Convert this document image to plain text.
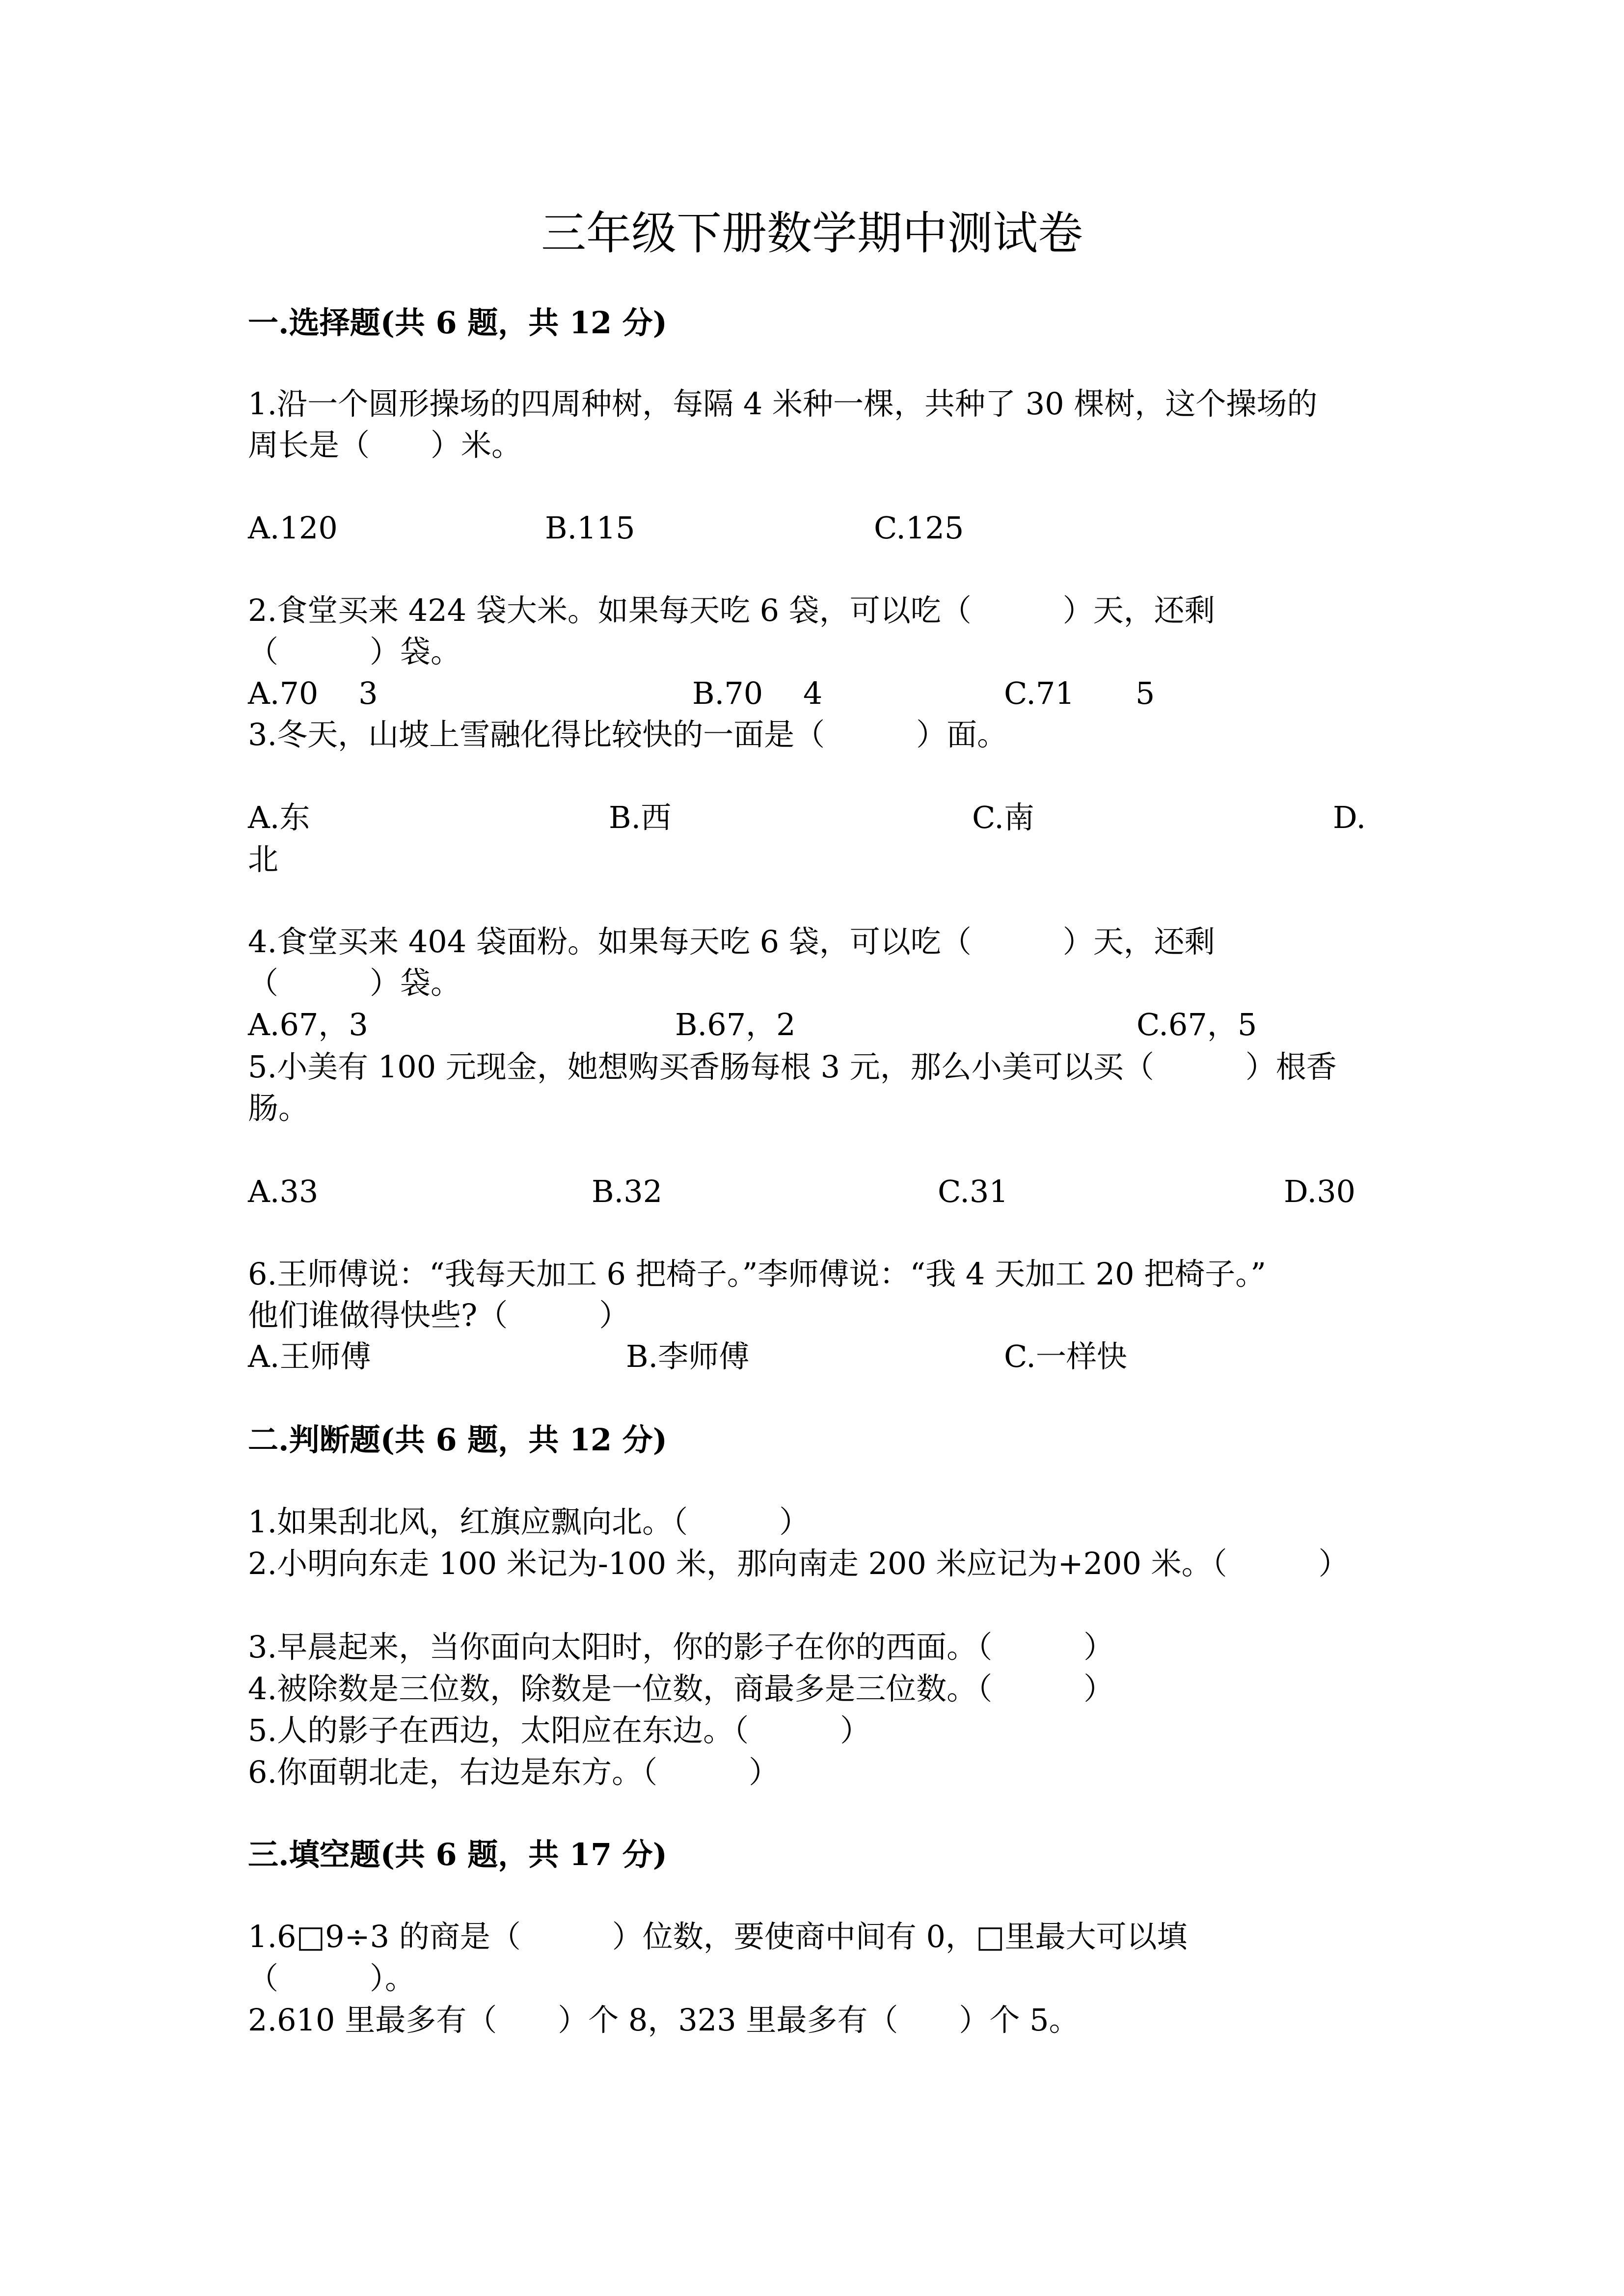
三年级下册数学期中测试卷
一.选择题(共 6 题，共 12 分)
1.沿一个圆形操场的四周种树，每隔 4 米种一棵，共种了 30 棵树，这个操场的
周长是（　　）米。
A.120	B.115	C.125
2.食堂买来 424 袋大米。如果每天吃 6 袋，可以吃（　　　）天，还剩
（　　　）袋。
A.70　 3	B.70　 4	C.71　　5
3.冬天，山坡上雪融化得比较快的一面是（　　　）面。
A.东	B.西	C.南	D.
北
4.食堂买来 404 袋面粉。如果每天吃 6 袋，可以吃（　　　）天，还剩
（　　　）袋。
A.67，3	B.67，2	C.67，5
5.小美有 100 元现金，她想购买香肠每根 3 元，那么小美可以买（　　　）根香
肠。
A.33	B.32	C.31	D.30
6.王师傅说：“我每天加工 6 把椅子。”李师傅说：“我 4 天加工 20 把椅子。”
他们谁做得快些?（　　　）
A.王师傅	B.李师傅	C.一样快
二.判断题(共 6 题，共 12 分)
1.如果刮北风，红旗应飘向北。（　　　）
2.小明向东走 100 米记为-100 米，那向南走 200 米应记为+200 米。（　　　）
3.早晨起来，当你面向太阳时，你的影子在你的西面。（　　　）
4.被除数是三位数，除数是一位数，商最多是三位数。（　　　）
5.人的影子在西边，太阳应在东边。（　　　）
6.你面朝北走，右边是东方。（　　　）
三.填空题(共 6 题，共 17 分)
1.6□9÷3 的商是（　　　）位数，要使商中间有 0，□里最大可以填
（　　　）。
2.610 里最多有（　　）个 8，323 里最多有（　　）个 5。
